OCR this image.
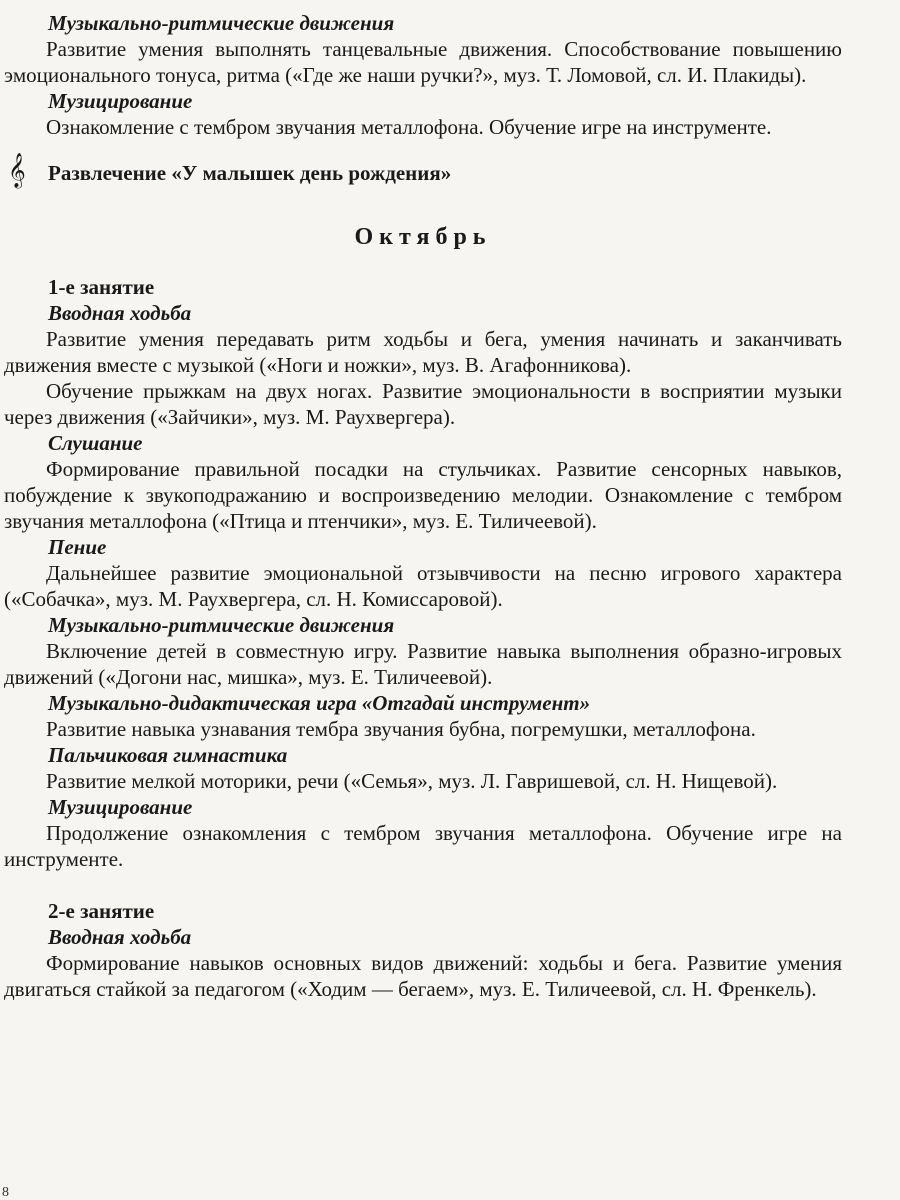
Музыкально-ритмические движения

Развитие умения выполнять танцевальные движения. Способствование повышению эмоционального тонуса, ритма («Где же наши ручки?», муз. Т. Ломовой, сл. И. Плакиды).

Музицирование

Ознакомление с тембром звучания металлофона. Обучение игре на инструменте.

𝄞 Развлечение «У малышек день рождения»
Октябрь
1-е занятие
Вводная ходьба

Развитие умения передавать ритм ходьбы и бега, умения начинать и заканчивать движения вместе с музыкой («Ноги и ножки», муз. В. Агафонникова).

Обучение прыжкам на двух ногах. Развитие эмоциональности в восприятии музыки через движения («Зайчики», муз. М. Раухвергера).

Слушание

Формирование правильной посадки на стульчиках. Развитие сенсорных навыков, побуждение к звукоподражанию и воспроизведению мелодии. Ознакомление с тембром звучания металлофона («Птица и птенчики», муз. Е. Тиличеевой).

Пение

Дальнейшее развитие эмоциональной отзывчивости на песню игрового характера («Собачка», муз. М. Раухвергера, сл. Н. Комиссаровой).

Музыкально-ритмические движения

Включение детей в совместную игру. Развитие навыка выполнения образно-игровых движений («Догони нас, мишка», муз. Е. Тиличеевой).

Музыкально-дидактическая игра «Отгадай инструмент»

Развитие навыка узнавания тембра звучания бубна, погремушки, металлофона.

Пальчиковая гимнастика

Развитие мелкой моторики, речи («Семья», муз. Л. Гавришевой, сл. Н. Нищевой).

Музицирование

Продолжение ознакомления с тембром звучания металлофона. Обучение игре на инструменте.

2-е занятие
Вводная ходьба

Формирование навыков основных видов движений: ходьбы и бега. Развитие умения двигаться стайкой за педагогом («Ходим — бегаем», муз. Е. Тиличеевой, сл. Н. Френкель).

8
